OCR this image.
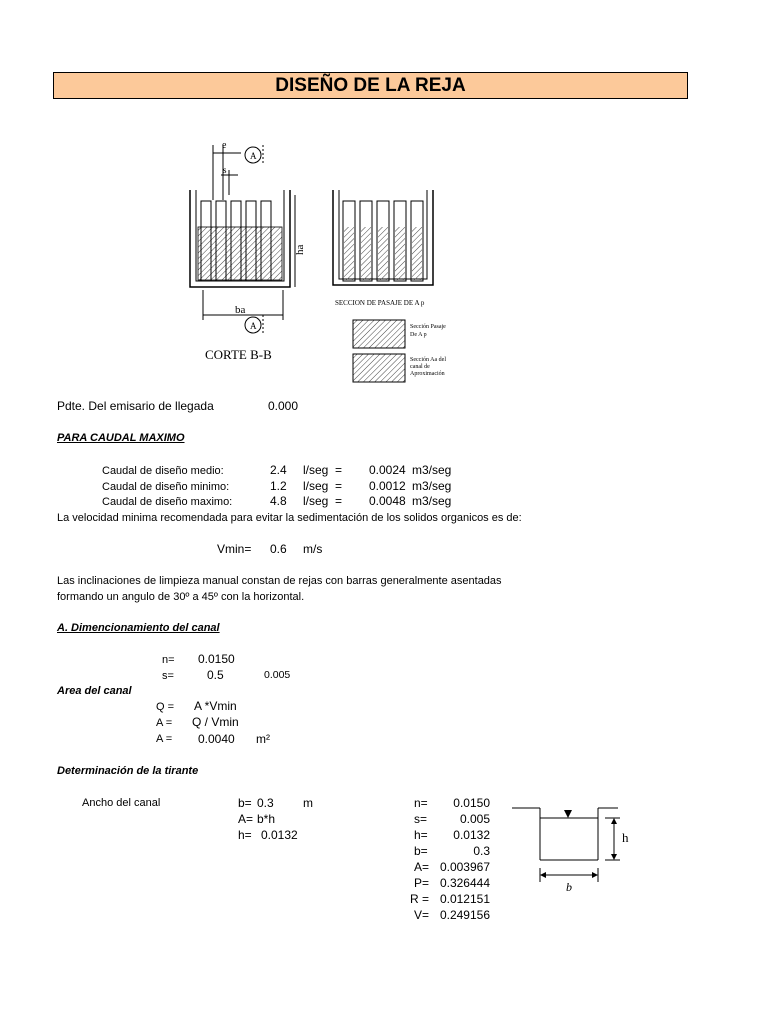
DISEÑO DE LA REJA
e
s
A
A
ha
ba
CORTE B-B
SECCION DE PASAJE DE A p
Sección Pasaje
De A p
Sección Aa del
canal de
Aproximación
Pdte. Del emisario de llegada	0.000
PARA CAUDAL MAXIMO
Caudal de diseño medio:	2.4 l/seg = 0.0024 m3/seg
Caudal de diseño minimo:	1.2 l/seg = 0.0012 m3/seg
Caudal de diseño maximo:	4.8 l/seg = 0.0048 m3/seg
La velocidad minima recomendada para evitar la sedimentación de los solidos organicos es de:
Vmin= 0.6 m/s
Las inclinaciones de limpieza manual constan de rejas con barras generalmente asentadas
formando un angulo de 30º a 45º con la horizontal.
A. Dimencionamiento del canal
n= 0.0150
s=	0.5	0.005
Area del canal
Q = A *Vmin
A = Q / Vmin
A = 0.0040 m²
Determinación de la tirante
Ancho del canal	b= 0.3 m
A= b*h
h= 0.0132
n=	0.0150
s=	0.005
h=	0.0132
b=	0.3
A= 0.003967
P= 0.326444
R = 0.012151
V= 0.249156
h
b
